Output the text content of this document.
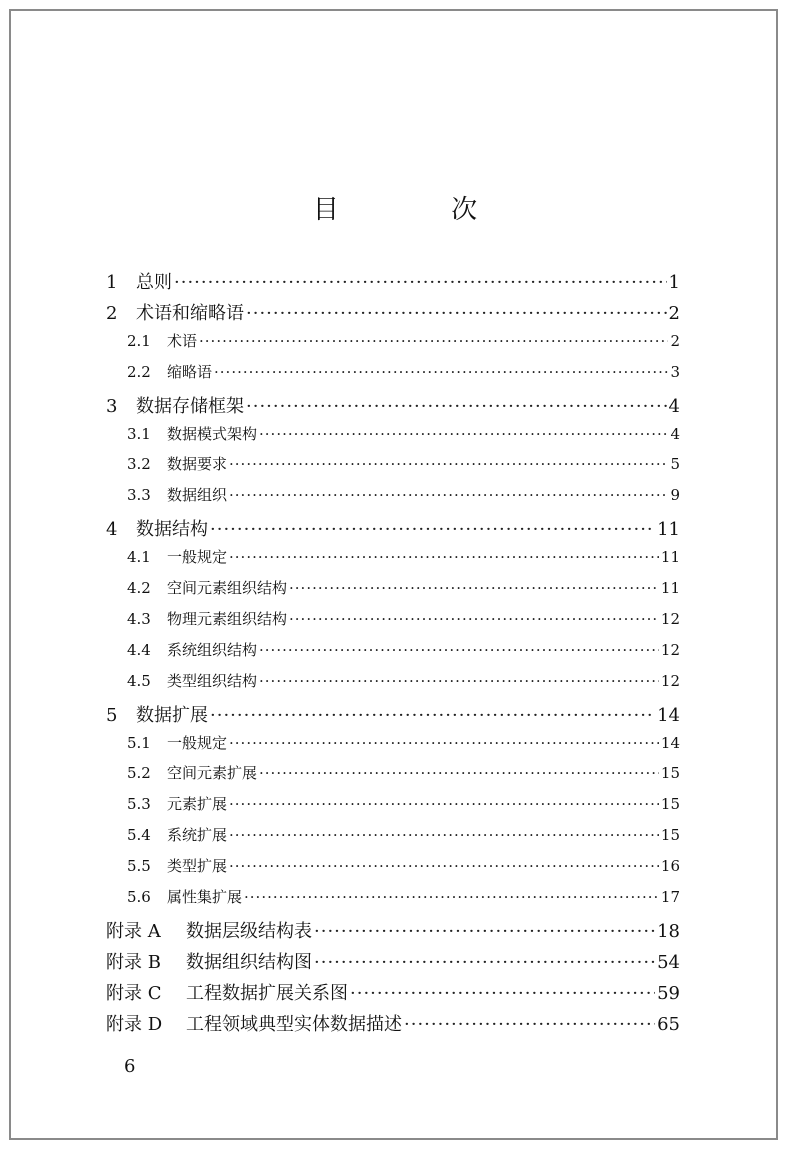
目 次
1	总则 ·····	1
2	术语和缩略语 ·····	2
2.1	术语 ·····	2
2.2	缩略语 ·····	3
3	数据存储框架 ·····	4
3.1	数据模式架构 ·····	4
3.2	数据要求 ·····	5
3.3	数据组织 ·····	9
4	数据结构 ·····	11
4.1	一般规定 ·····	11
4.2	空间元素组织结构 ·····	11
4.3	物理元素组织结构 ·····	12
4.4	系统组织结构 ·····	12
4.5	类型组织结构 ·····	12
5	数据扩展 ·····	14
5.1	一般规定 ·····	14
5.2	空间元素扩展 ·····	15
5.3	元素扩展 ·····	15
5.4	系统扩展 ·····	15
5.5	类型扩展 ·····	16
5.6	属性集扩展 ·····	17
附录 A	数据层级结构表 ·····	18
附录 B	数据组织结构图 ·····	54
附录 C	工程数据扩展关系图 ·····	59
附录 D	工程领域典型实体数据描述 ·····	65
6
